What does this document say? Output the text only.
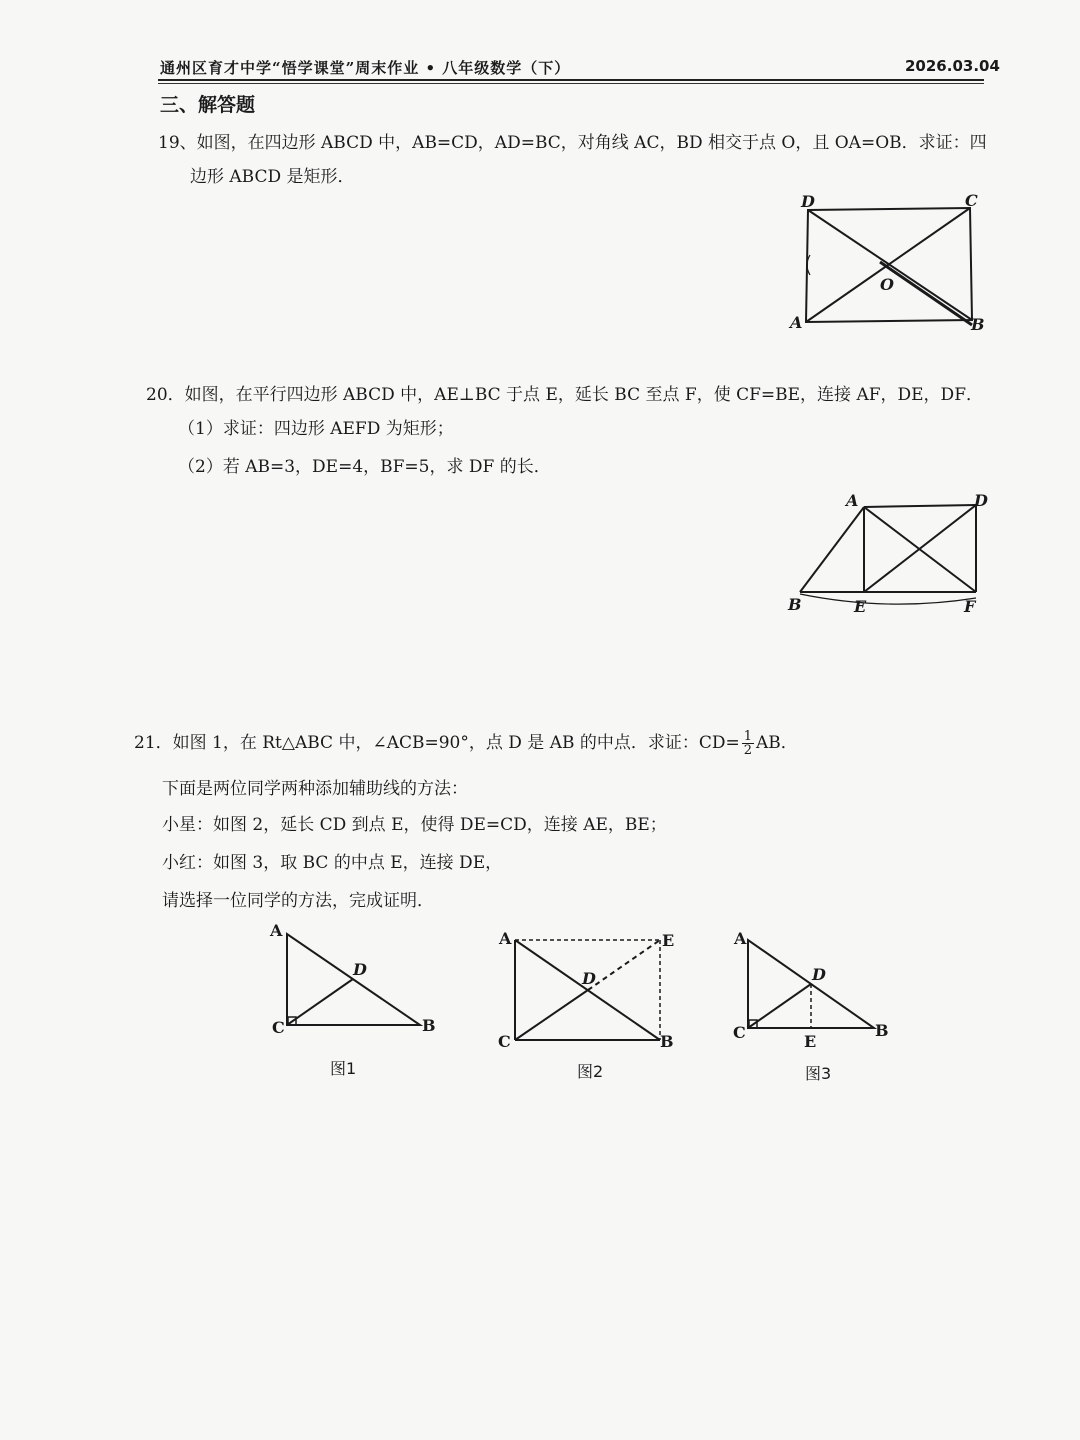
通州区育才中学“悟学课堂”周末作业 • 八年级数学（下）	2026.03.04
三、解答题
19、如图，在四边形 ABCD 中，AB=CD，AD=BC，对角线 AC，BD 相交于点 O，且 OA=OB．求证：四
边形 ABCD 是矩形．
20．如图，在平行四边形 ABCD 中，AE⊥BC 于点 E，延长 BC 至点 F，使 CF=BE，连接 AF，DE，DF．
（1）求证：四边形 AEFD 为矩形；
（2）若 AB=3，DE=4，BF=5，求 DF 的长．
21．如图 1，在 Rt△ABC 中，∠ACB=90°，点 D 是 AB 的中点．求证：$CD= \frac{1}{2}$ AB．
下面是两位同学两种添加辅助线的方法：
小星：如图 2，延长 CD 到点 E，使得 DE=CD，连接 AE，BE；
小红：如图 3，取 BC 的中点 E，连接 DE，
请选择一位同学的方法，完成证明．
D	C
A	B
O
A	D
B	E	F
A
D
C	B
图1
A	E
D
C	B
图2
A
D
C	E
B
图3
